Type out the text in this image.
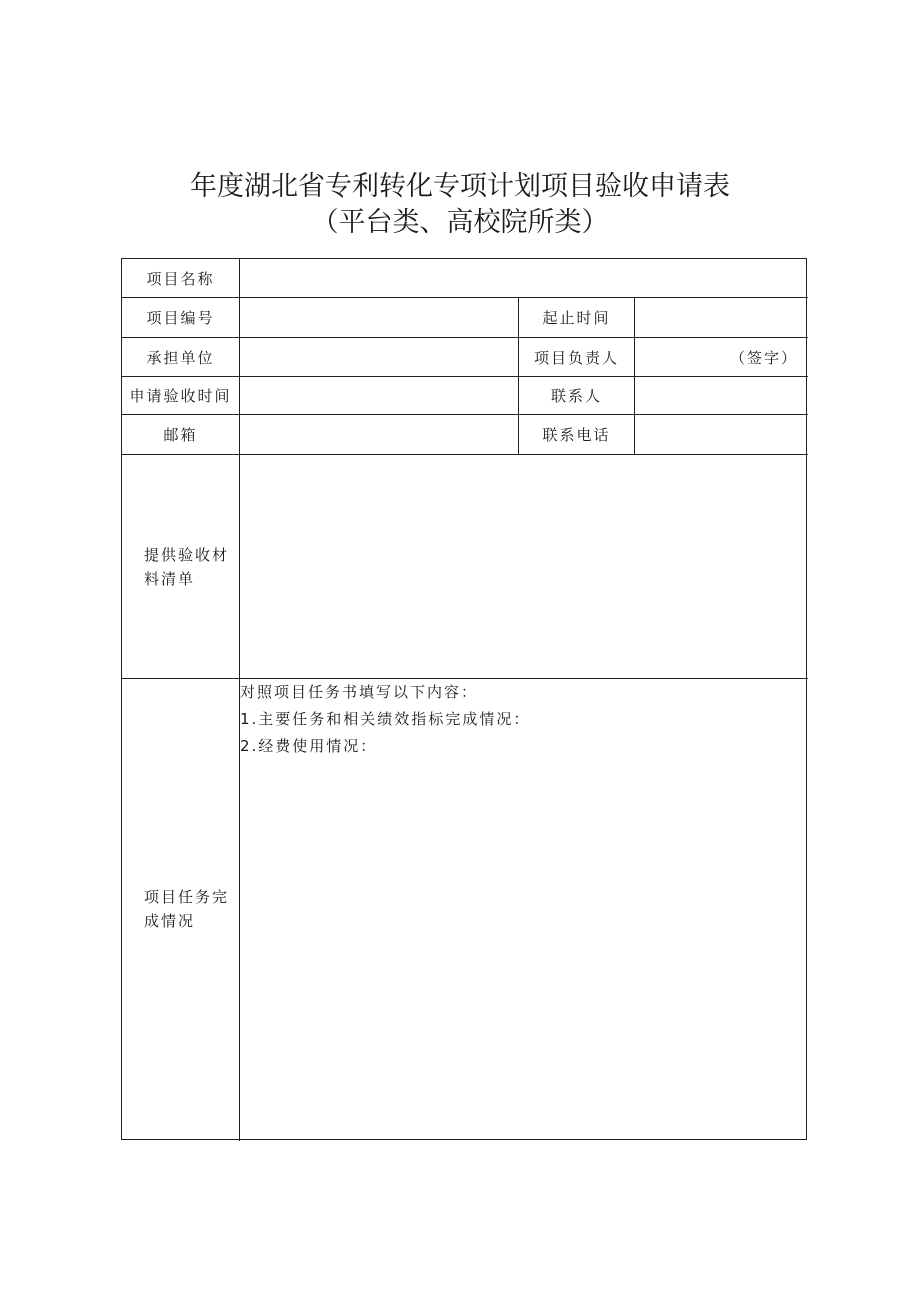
年度湖北省专利转化专项计划项目验收申请表
（平台类、高校院所类）
项目名称
项目编号	起止时间
承担单位	项目负责人	（签字）
申请验收时间	联系人
邮箱	联系电话
提供验收材
料清单
项目任务完
成情况
对照项目任务书填写以下内容：
1.主要任务和相关绩效指标完成情况：
2.经费使用情况：
